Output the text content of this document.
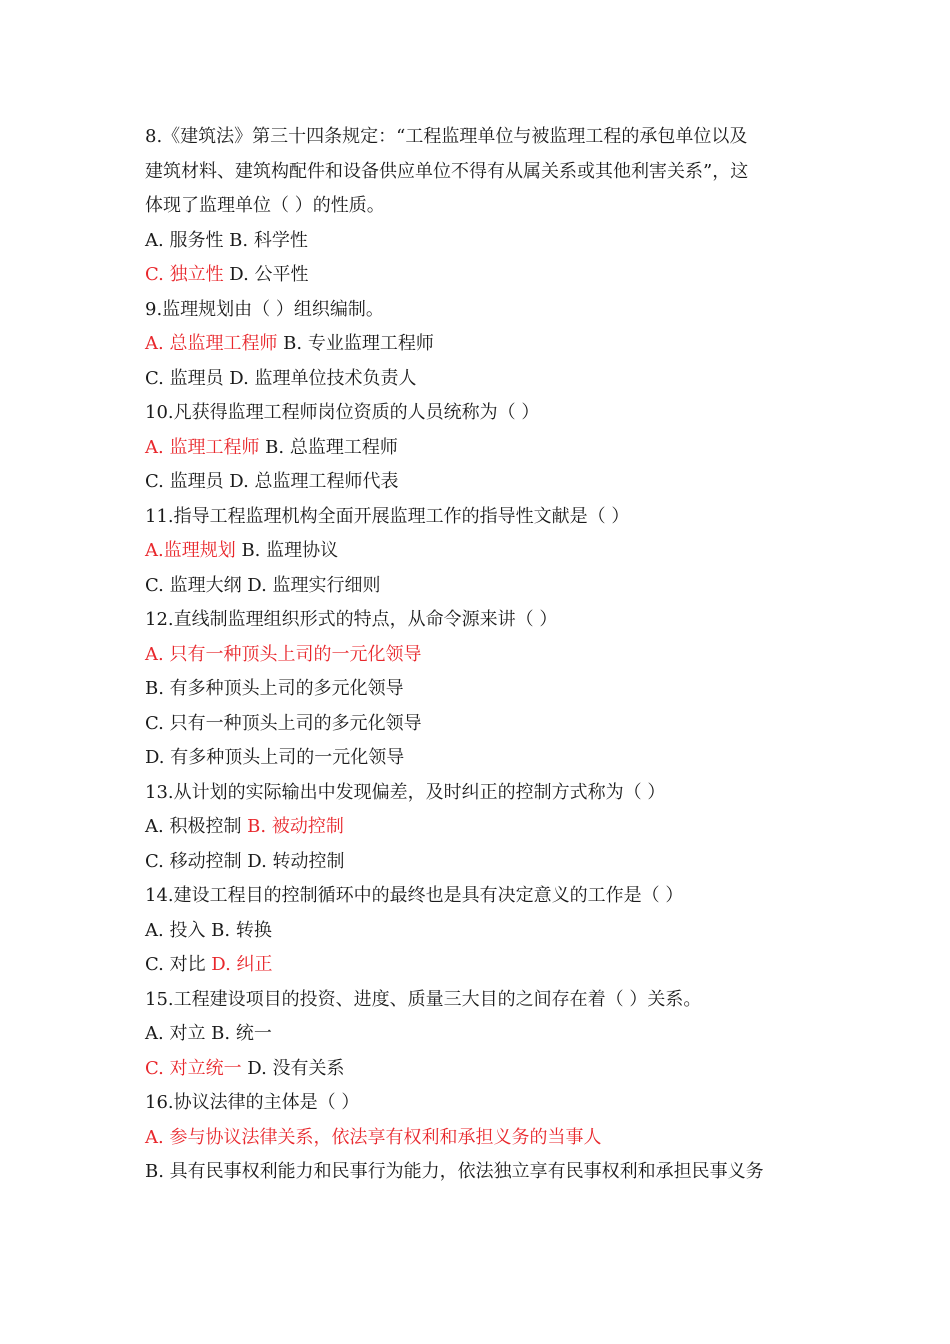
8.《建筑法》第三十四条规定：“工程监理单位与被监理工程的承包单位以及
建筑材料、建筑构配件和设备供应单位不得有从属关系或其他利害关系”，这
体现了监理单位（ ）的性质。
A. 服务性 B. 科学性
C. 独立性 D. 公平性
9.监理规划由（ ）组织编制。
A. 总监理工程师 B. 专业监理工程师
C. 监理员 D. 监理单位技术负责人
10.凡获得监理工程师岗位资质的人员统称为（ ）
A. 监理工程师 B. 总监理工程师
C. 监理员 D. 总监理工程师代表
11.指导工程监理机构全面开展监理工作的指导性文献是（ ）
A.监理规划 B. 监理协议
C. 监理大纲 D. 监理实行细则
12.直线制监理组织形式的特点，从命令源来讲（ ）
A. 只有一种顶头上司的一元化领导
B. 有多种顶头上司的多元化领导
C. 只有一种顶头上司的多元化领导
D. 有多种顶头上司的一元化领导
13.从计划的实际输出中发现偏差，及时纠正的控制方式称为（ ）
A. 积极控制 B. 被动控制
C. 移动控制 D. 转动控制
14.建设工程目的控制循环中的最终也是具有决定意义的工作是（ ）
A. 投入 B. 转换
C. 对比 D. 纠正
15.工程建设项目的投资、进度、质量三大目的之间存在着（ ）关系。
A. 对立 B. 统一
C. 对立统一 D. 没有关系
16.协议法律的主体是（ ）
A. 参与协议法律关系，依法享有权利和承担义务的当事人
B. 具有民事权利能力和民事行为能力，依法独立享有民事权利和承担民事义务
